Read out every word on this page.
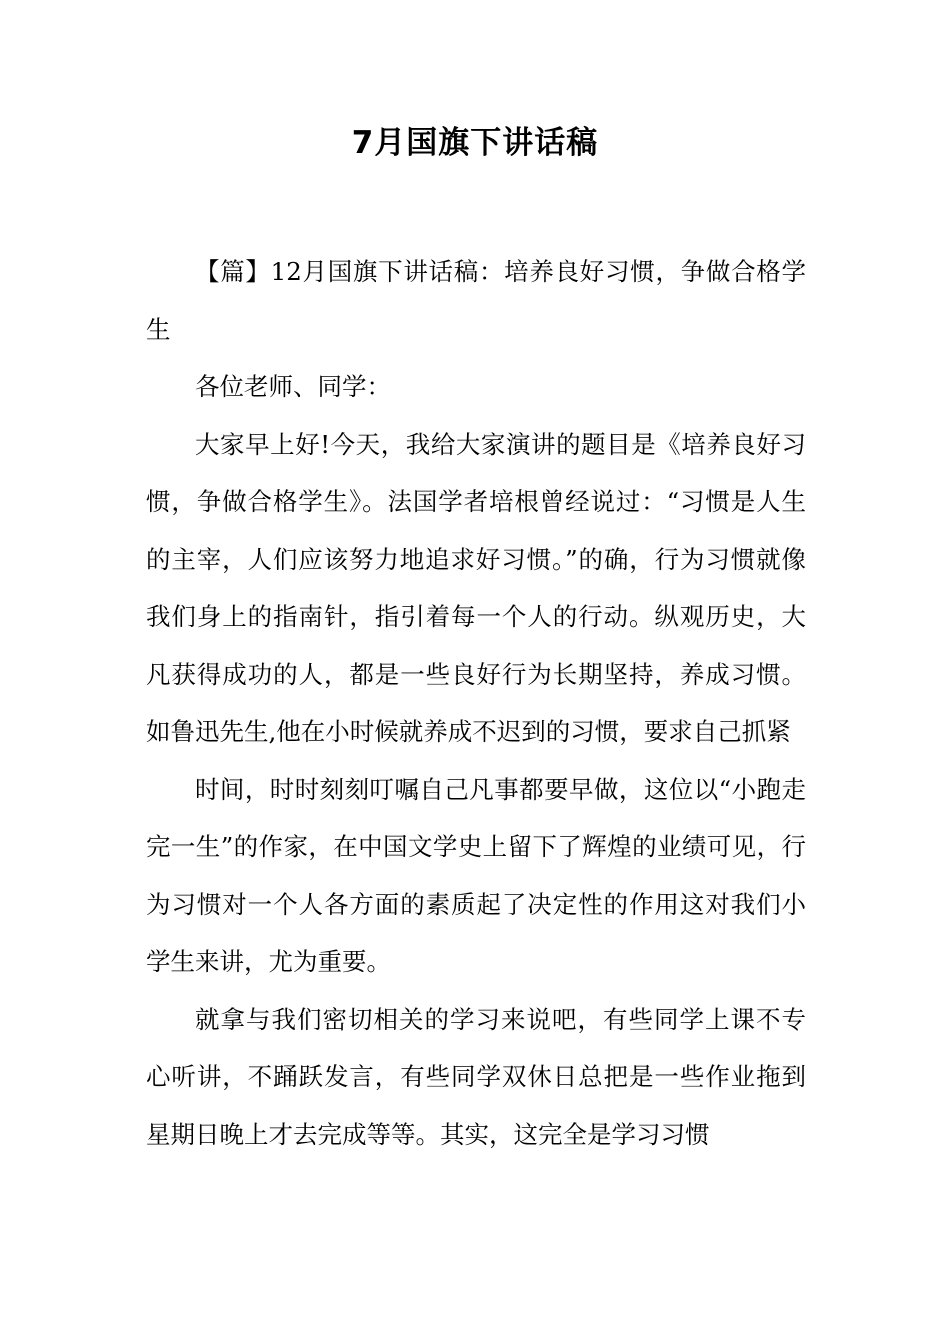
7月国旗下讲话稿

【篇】12月国旗下讲话稿：培养良好习惯，争做合格学生

各位老师、同学：

大家早上好!今天，我给大家演讲的题目是《培养良好习惯，争做合格学生》。法国学者培根曾经说过：“习惯是人生的主宰，人们应该努力地追求好习惯。”的确，行为习惯就像我们身上的指南针，指引着每一个人的行动。纵观历史，大凡获得成功的人，都是一些良好行为长期坚持，养成习惯。如鲁迅先生,他在小时候就养成不迟到的习惯，要求自己抓紧

时间，时时刻刻叮嘱自己凡事都要早做，这位以“小跑走完一生”的作家，在中国文学史上留下了辉煌的业绩可见，行为习惯对一个人各方面的素质起了决定性的作用这对我们小学生来讲，尤为重要。

就拿与我们密切相关的学习来说吧，有些同学上课不专心听讲，不踊跃发言，有些同学双休日总把是一些作业拖到星期日晚上才去完成等等。其实，这完全是学习习惯
